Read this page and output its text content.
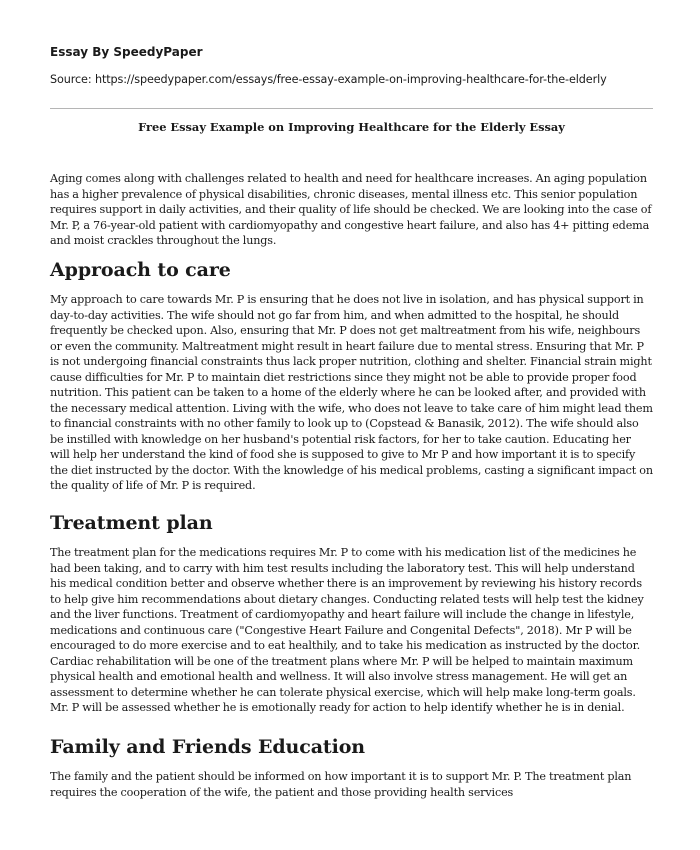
Essay By SpeedyPaper
Source: https://speedypaper.com/essays/free-essay-example-on-improving-healthcare-for-the-elderly
Free Essay Example on Improving Healthcare for the Elderly Essay

Aging comes along with challenges related to health and need for healthcare increases. An aging population has a higher prevalence of physical disabilities, chronic diseases, mental illness etc. This senior population requires support in daily activities, and their quality of life should be checked. We are looking into the case of Mr. P, a 76-year-old patient with cardiomyopathy and congestive heart failure, and also has 4+ pitting edema and moist crackles throughout the lungs.

Approach to care

My approach to care towards Mr. P is ensuring that he does not live in isolation, and has physical support in day-to-day activities. The wife should not go far from him, and when admitted to the hospital, he should frequently be checked upon. Also, ensuring that Mr. P does not get maltreatment from his wife, neighbours or even the community. Maltreatment might result in heart failure due to mental stress. Ensuring that Mr. P is not undergoing financial constraints thus lack proper nutrition, clothing and shelter. Financial strain might cause difficulties for Mr. P to maintain diet restrictions since they might not be able to provide proper food nutrition. This patient can be taken to a home of the elderly where he can be looked after, and provided with the necessary medical attention. Living with the wife, who does not leave to take care of him might lead them to financial constraints with no other family to look up to (Copstead & Banasik, 2012). The wife should also be instilled with knowledge on her husband's potential risk factors, for her to take caution. Educating her will help her understand the kind of food she is supposed to give to Mr P and how important it is to specify the diet instructed by the doctor. With the knowledge of his medical problems, casting a significant impact on the quality of life of Mr. P is required.

Treatment plan

The treatment plan for the medications requires Mr. P to come with his medication list of the medicines he had been taking, and to carry with him test results including the laboratory test. This will help understand his medical condition better and observe whether there is an improvement by reviewing his history records to help give him recommendations about dietary changes. Conducting related tests will help test the kidney and the liver functions. Treatment of cardiomyopathy and heart failure will include the change in lifestyle, medications and continuous care ("Congestive Heart Failure and Congenital Defects", 2018). Mr P will be encouraged to do more exercise and to eat healthily, and to take his medication as instructed by the doctor. Cardiac rehabilitation will be one of the treatment plans where Mr. P will be helped to maintain maximum physical health and emotional health and wellness. It will also involve stress management. He will get an assessment to determine whether he can tolerate physical exercise, which will help make long-term goals. Mr. P will be assessed whether he is emotionally ready for action to help identify whether he is in denial.

Family and Friends Education

The family and the patient should be informed on how important it is to support Mr. P. The treatment plan requires the cooperation of the wife, the patient and those providing health services
